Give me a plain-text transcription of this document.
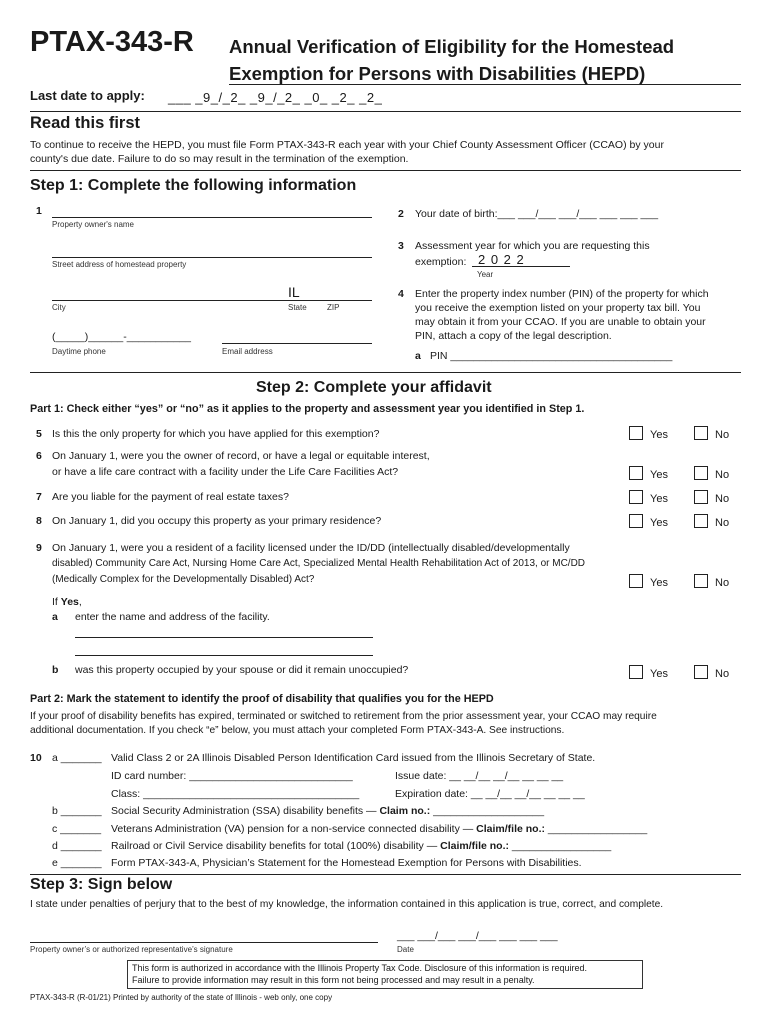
PTAX-343-R Annual Verification of Eligibility for the Homestead
Exemption for Persons with Disabilities (HEPD)
Last date to apply: ___ _9_/_2_ _9_/_2_ _0_ _2_ _2_
Read this first
To continue to receive the HEPD, you must file Form PTAX-343-R each year with your Chief County Assessment Officer (CCAO) by your
county's due date. Failure to do so may result in the termination of the exemption.
Step 1: Complete the following information
1
Property owner's name
Street address of homestead property
IL
City	State	ZIP
(_____)______-___________
Daytime phone	Email address
2 Your date of birth:___ ___/___ ___/___ ___ ___ ___
3 Assessment year for which you are requesting this
exemption: 2 0 2 2
Year
4 Enter the property index number (PIN) of the property for which
you receive the exemption listed on your property tax bill. You
may obtain it from your CCAO. If you are unable to obtain your
PIN, attach a copy of the legal description.
a PIN ______________________________________
Step 2: Complete your affidavit
Part 1: Check either “yes” or “no” as it applies to the property and assessment year you identified in Step 1.
5 Is this the only property for which you have applied for this exemption?	Yes	No
6 On January 1, were you the owner of record, or have a legal or equitable interest,
or have a life care contract with a facility under the Life Care Facilities Act?	Yes	No
7 Are you liable for the payment of real estate taxes?	Yes	No
8 On January 1, did you occupy this property as your primary residence?	Yes	No
9 On January 1, were you a resident of a facility licensed under the ID/DD (intellectually disabled/developmentally
disabled) Community Care Act, Nursing Home Care Act, Specialized Mental Health Rehabilitation Act of 2013, or MC/DD
(Medically Complex for the Developmentally Disabled) Act?	Yes	No
If Yes,
a enter the name and address of the facility.
b was this property occupied by your spouse or did it remain unoccupied?	Yes	No
Part 2: Mark the statement to identify the proof of disability that qualifies you for the HEPD
If your proof of disability benefits has expired, terminated or switched to retirement from the prior assessment year, your CCAO may require
additional documentation. If you check “e” below, you must attach your completed Form PTAX-343-A. See instructions.
10 a _______ Valid Class 2 or 2A Illinois Disabled Person Identification Card issued from the Illinois Secretary of State.
ID card number: ____________________________	Issue date: __ __/__ __/__ __ __ __
Class: _____________________________________	Expiration date: __ __/__ __/__ __ __ __
b _______ Social Security Administration (SSA) disability benefits — Claim no.: ___________________
c _______ Veterans Administration (VA) pension for a non-service connected disability — Claim/file no.: _________________
d _______ Railroad or Civil Service disability benefits for total (100%) disability — Claim/file no.: _________________
e _______ Form PTAX-343-A, Physician’s Statement for the Homestead Exemption for Persons with Disabilities.
Step 3: Sign below
I state under penalties of perjury that to the best of my knowledge, the information contained in this application is true, correct, and complete.
Property owner’s or authorized representative’s signature
___ ___/___ ___/___ ___ ___ ___
Date
This form is authorized in accordance with the Illinois Property Tax Code. Disclosure of this information is required.
Failure to provide information may result in this form not being processed and may result in a penalty.
PTAX-343-R (R-01/21) Printed by authority of the state of Illinois - web only, one copy
